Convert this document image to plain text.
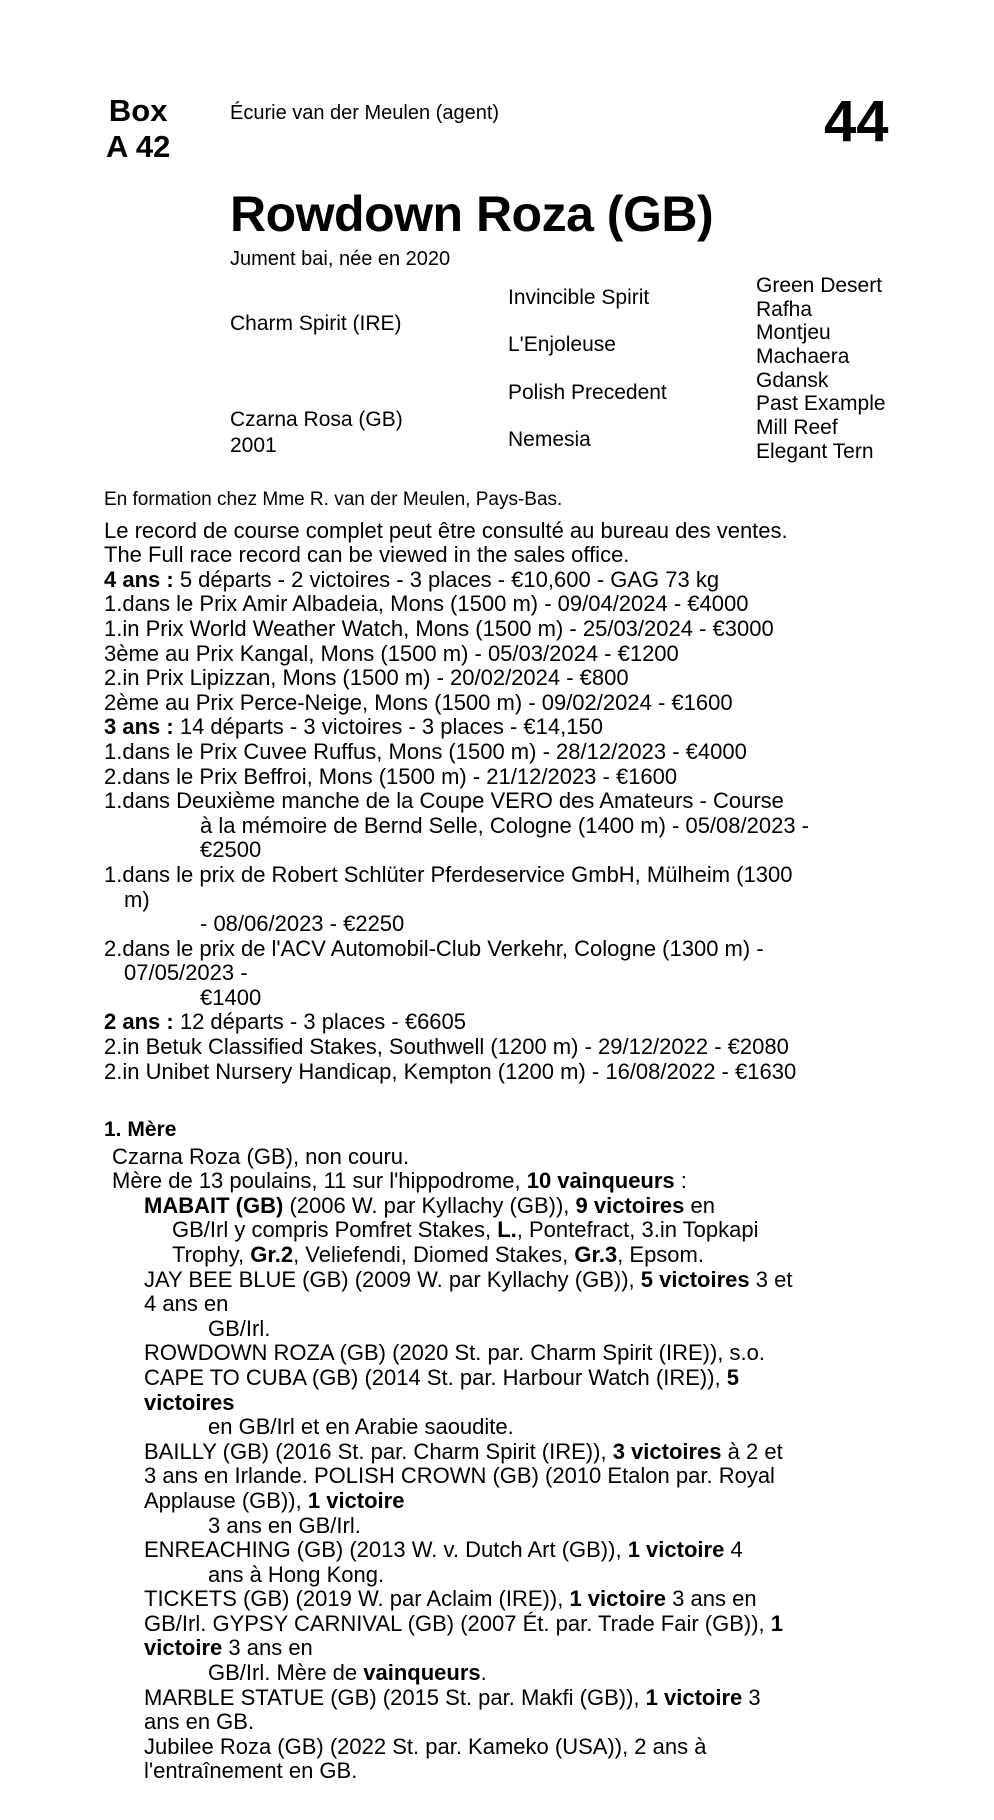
Box
A 42
Écurie van der Meulen (agent)	44
Rowdown Roza (GB)
Jument bai, née en 2020
Charm Spirit (IRE)
Czarna Rosa (GB)
2001
Invincible Spirit
L'Enjoleuse
Polish Precedent
Nemesia
Green Desert
Rafha
Montjeu
Machaera
Gdansk
Past Example
Mill Reef
Elegant Tern
En formation chez Mme R. van der Meulen, Pays-Bas.
Le record de course complet peut être consulté au bureau des ventes.
The Full race record can be viewed in the sales office.
4 ans : 5 départs - 2 victoires - 3 places - €10,600 - GAG 73 kg
1.dans le Prix Amir Albadeia, Mons (1500 m) - 09/04/2024 - €4000
1.in Prix World Weather Watch, Mons (1500 m) - 25/03/2024 - €3000
3ème au Prix Kangal, Mons (1500 m) - 05/03/2024 - €1200
2.in Prix Lipizzan, Mons (1500 m) - 20/02/2024 - €800
2ème au Prix Perce-Neige, Mons (1500 m) - 09/02/2024 - €1600
3 ans : 14 départs - 3 victoires - 3 places - €14,150
1.dans le Prix Cuvee Ruffus, Mons (1500 m) - 28/12/2023 - €4000
2.dans le Prix Beffroi, Mons (1500 m) - 21/12/2023 - €1600
1.dans Deuxième manche de la Coupe VERO des Amateurs - Course
à la mémoire de Bernd Selle, Cologne (1400 m) - 05/08/2023 -
€2500
1.dans le prix de Robert Schlüter Pferdeservice GmbH, Mülheim (1300
m)
- 08/06/2023 - €2250
2.dans le prix de l'ACV Automobil-Club Verkehr, Cologne (1300 m) -
07/05/2023 -
€1400
2 ans : 12 départs - 3 places - €6605
2.in Betuk Classified Stakes, Southwell (1200 m) - 29/12/2022 - €2080
2.in Unibet Nursery Handicap, Kempton (1200 m) - 16/08/2022 - €1630
1. Mère
Czarna Roza (GB), non couru.
Mère de 13 poulains, 11 sur l'hippodrome, 10 vainqueurs :
MABAIT (GB) (2006 W. par Kyllachy (GB)), 9 victoires en
GB/Irl y compris Pomfret Stakes, L., Pontefract, 3.in Topkapi
Trophy, Gr.2, Veliefendi, Diomed Stakes, Gr.3, Epsom.
JAY BEE BLUE (GB) (2009 W. par Kyllachy (GB)), 5 victoires 3 et
4 ans en
GB/Irl.
ROWDOWN ROZA (GB) (2020 St. par. Charm Spirit (IRE)), s.o.
CAPE TO CUBA (GB) (2014 St. par. Harbour Watch (IRE)), 5
victoires
en GB/Irl et en Arabie saoudite.
BAILLY (GB) (2016 St. par. Charm Spirit (IRE)), 3 victoires à 2 et
3 ans en Irlande. POLISH CROWN (GB) (2010 Etalon par. Royal
Applause (GB)), 1 victoire
3 ans en GB/Irl.
ENREACHING (GB) (2013 W. v. Dutch Art (GB)), 1 victoire 4
ans à Hong Kong.
TICKETS (GB) (2019 W. par Aclaim (IRE)), 1 victoire 3 ans en
GB/Irl. GYPSY CARNIVAL (GB) (2007 Ét. par. Trade Fair (GB)), 1
victoire 3 ans en
GB/Irl. Mère de vainqueurs.
MARBLE STATUE (GB) (2015 St. par. Makfi (GB)), 1 victoire 3
ans en GB.
Jubilee Roza (GB) (2022 St. par. Kameko (USA)), 2 ans à
l'entraînement en GB.
